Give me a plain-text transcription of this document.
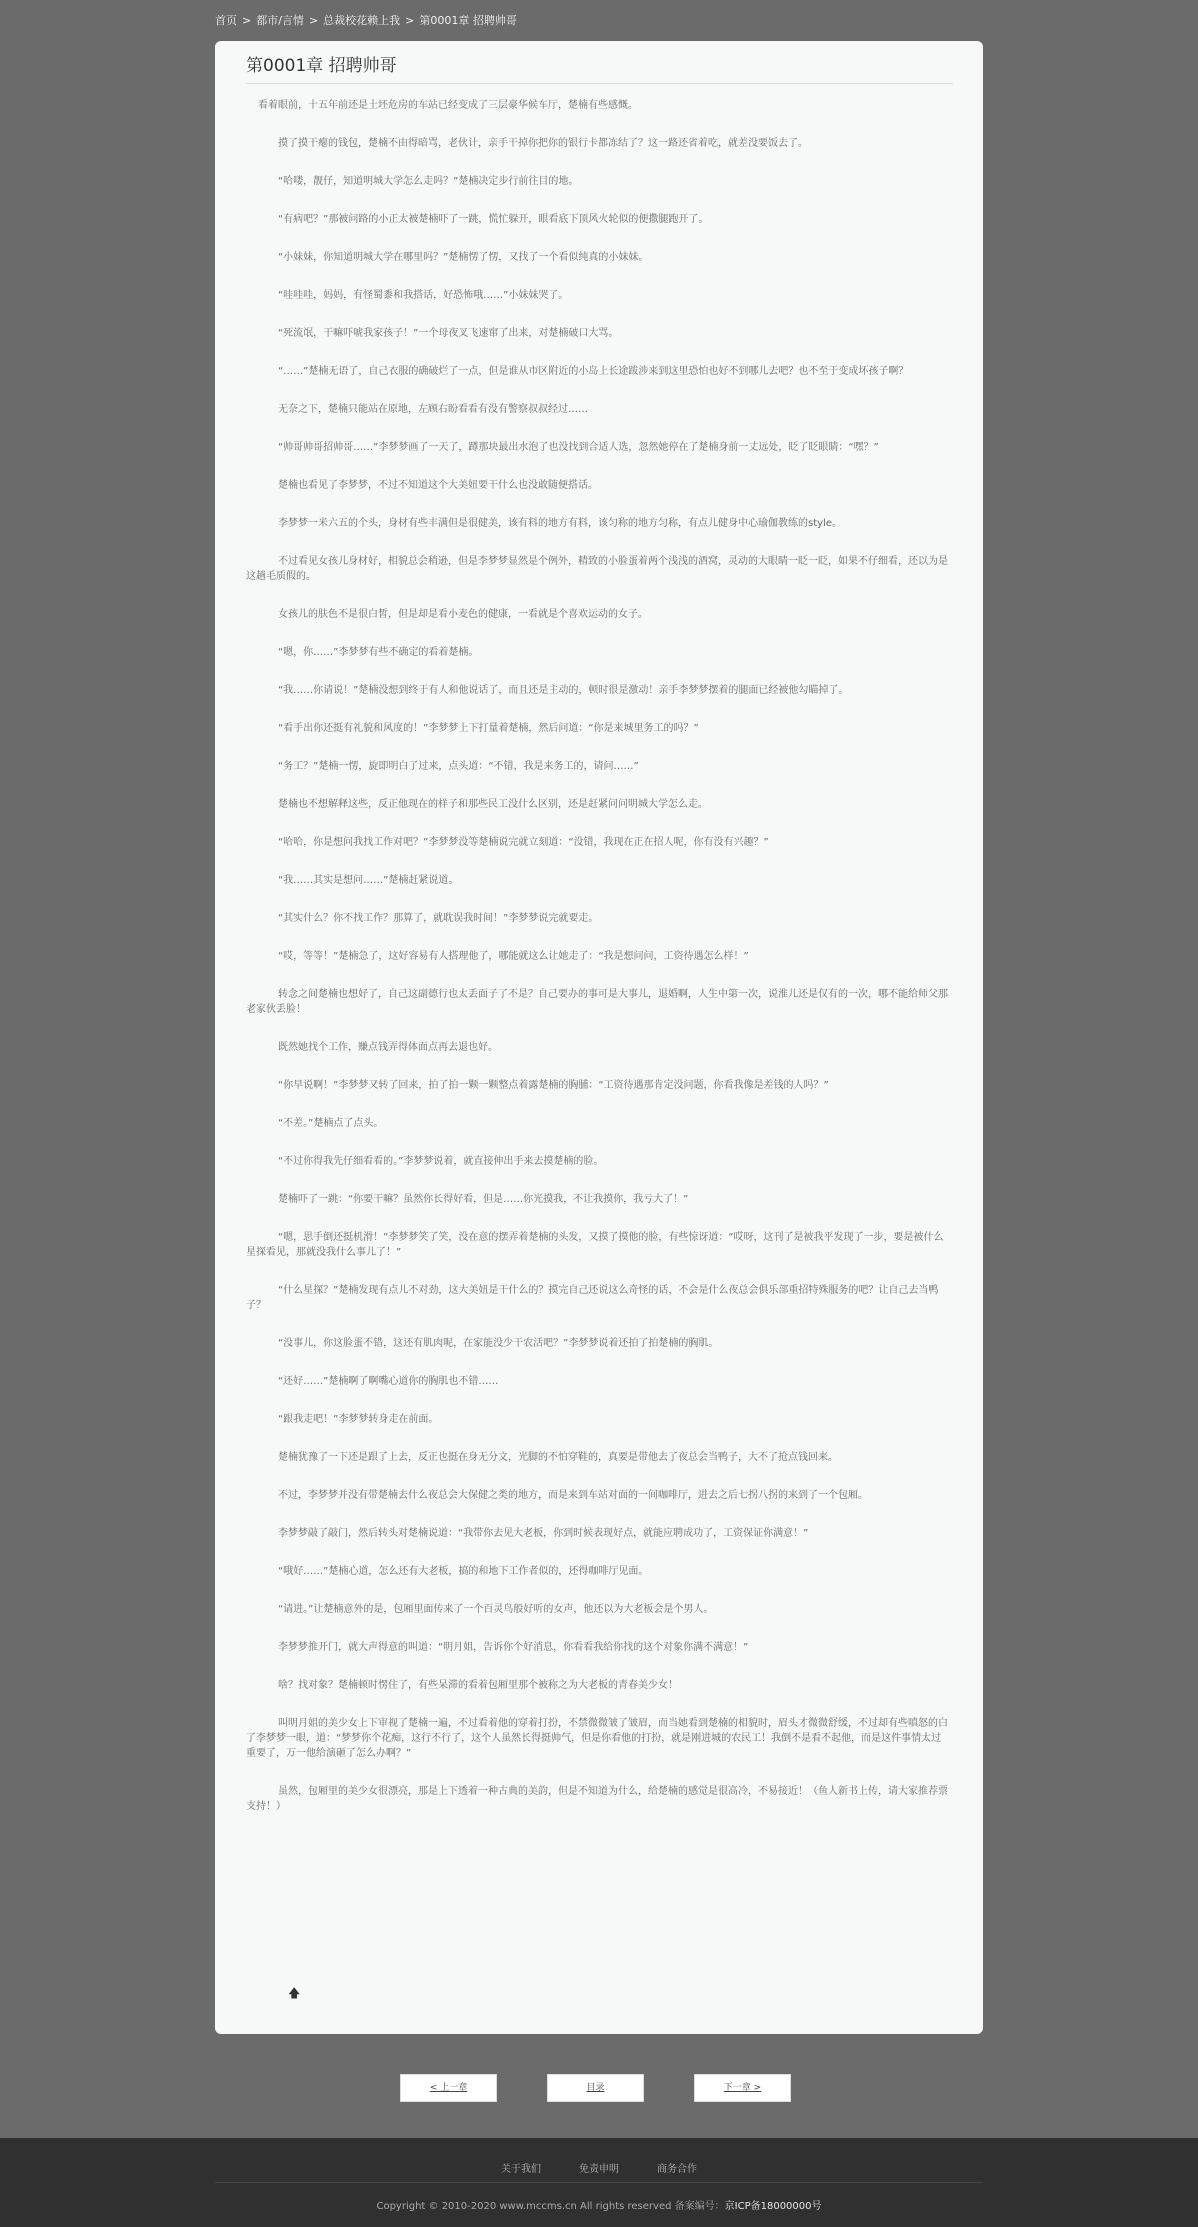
首页 > 都市/言情 > 总裁校花赖上我 > 第0001章 招聘帅哥
第0001章 招聘帅哥

看着眼前，十五年前还是土坯危房的车站已经变成了三层豪华候车厅，楚楠有些感慨。

摸了摸干瘪的钱包，楚楠不由得暗骂，老伙计，亲手干掉你把你的银行卡都冻结了？这一路还省着吃，就差没要饭去了。

“哈喽，靓仔，知道明城大学怎么走吗？”楚楠决定步行前往目的地。

“有病吧？”那被问路的小正太被楚楠吓了一跳，慌忙躲开，眼看底下顶风火轮似的便撒腿跑开了。

“小妹妹，你知道明城大学在哪里吗？”楚楠愣了愣，又找了一个看似纯真的小妹妹。

“哇哇哇，妈妈，有怪蜀黍和我搭话，好恐怖哦……”小妹妹哭了。

“死流氓，干嘛吓唬我家孩子！”一个母夜叉飞速窜了出来，对楚楠破口大骂。

“……”楚楠无语了，自己衣服的确破烂了一点，但是谁从市区附近的小岛上长途跋涉来到这里恐怕也好不到哪儿去吧？也不至于变成坏孩子啊？

无奈之下，楚楠只能站在原地，左顾右盼看看有没有警察叔叔经过……

“帅哥帅哥招帅哥……”李梦梦画了一天了，蹲那块最出水泡了也没找到合适人选，忽然她停在了楚楠身前一丈远处，眨了眨眼睛：“嘿？”

楚楠也看见了李梦梦，不过不知道这个大美妞要干什么也没敢随便搭话。

李梦梦一米六五的个头，身材有些丰满但是很健美，该有料的地方有料，该匀称的地方匀称，有点儿健身中心瑜伽教练的style。

不过看见女孩儿身材好，相貌总会稍逊，但是李梦梦显然是个例外，精致的小脸蛋着两个浅浅的酒窝，灵动的大眼睛一眨一眨，如果不仔细看，还以为是这趟毛质假的。

女孩儿的肤色不是很白皙，但是却是看小麦色的健康，一看就是个喜欢运动的女子。

“嗯，你……”李梦梦有些不确定的看着楚楠。

“我……你请说！”楚楠没想到终于有人和他说话了，而且还是主动的，顿时很是激动！亲手李梦梦摆着的腿面已经被他勾瞄掉了。

“看手出你还挺有礼貌和风度的！”李梦梦上下打量着楚楠，然后问道：“你是来城里务工的吗？”

“务工？”楚楠一愣，旋即明白了过来，点头道：“不错，我是来务工的，请问……”

楚楠也不想解释这些，反正他现在的样子和那些民工没什么区别，还是赶紧问问明城大学怎么走。

“哈哈，你是想问我找工作对吧？”李梦梦没等楚楠说完就立刻道：“没错，我现在正在招人呢，你有没有兴趣？”

“我……其实是想问……”楚楠赶紧说道。

“其实什么？你不找工作？那算了，就耽误我时间！”李梦梦说完就要走。

“哎，等等！”楚楠急了，这好容易有人搭理他了，哪能就这么让她走了：“我是想问问，工资待遇怎么样！”

转念之间楚楠也想好了，自己这副德行也太丢面子了不是？自己要办的事可是大事儿，退婚啊，人生中第一次，说淮儿还是仅有的一次，哪不能给师父那老家伙丢脸！

既然她找个工作，赚点钱弄得体面点再去退也好。

“你早说啊！”李梦梦又转了回来，拍了拍一颗一颗整点着露楚楠的胸脯：“工资待遇那肯定没问题，你看我像是差钱的人吗？”

“不差。”楚楠点了点头。

“不过你得我先仔细看看的。”李梦梦说着，就直接伸出手来去摸楚楠的脸。

楚楠吓了一跳：“你要干嘛？虽然你长得好看，但是……你光摸我，不让我摸你，我亏大了！”

“嗯，思手倒还挺机滑！”李梦梦笑了笑，没在意的摆弄着楚楠的头发，又摸了摸他的脸，有些惊讶道：“哎呀，这刊了是被我平发现了一步，要是被什么星探看见，那就没我什么事儿了！”

“什么星探？”楚楠发现有点儿不对劲，这大美妞是干什么的？摸完自己还说这么奇怪的话，不会是什么夜总会俱乐部重招特殊服务的吧？让自己去当鸭子？

“没事儿，你这脸蛋不错，这还有肌肉呢，在家能没少干农活吧？”李梦梦说着还拍了拍楚楠的胸肌。

“还好……”楚楠啊了啊嘴心道你的胸肌也不错……

“跟我走吧！”李梦梦转身走在前面。

楚楠犹豫了一下还是跟了上去，反正也挺在身无分文，光脚的不怕穿鞋的，真要是带他去了夜总会当鸭子，大不了抢点钱回来。

不过，李梦梦并没有带楚楠去什么夜总会大保健之类的地方，而是来到车站对面的一间咖啡厅，进去之后七拐八拐的来到了一个包厢。

李梦梦敲了敲门，然后转头对楚楠说道：“我带你去见大老板，你到时候表现好点，就能应聘成功了，工资保证你满意！”

“哦好……”楚楠心道，怎么还有大老板，搞的和地下工作者似的，还得咖啡厅见面。

“请进。”让楚楠意外的是，包厢里面传来了一个百灵鸟般好听的女声，他还以为大老板会是个男人。

李梦梦推开门，就大声得意的叫道：“明月姐，告诉你个好消息，你看看我给你找的这个对象你满不满意！”

啥？找对象？楚楠顿时愣住了，有些呆滞的看着包厢里那个被称之为大老板的青春美少女！

叫明月姐的美少女上下审视了楚楠一遍，不过看着他的穿着打扮，不禁微微皱了皱眉，而当她看到楚楠的相貌时，眉头才微微舒缓，不过却有些嗔怒的白了李梦梦一眼，道：“梦梦你个花痴，这行不行了，这个人虽然长得挺帅气，但是你看他的打扮，就是刚进城的农民工！我倒不是看不起他，而是这件事情太过重要了，万一他给演砸了怎么办啊？”

虽然，包厢里的美少女很漂亮，那是上下透着一种古典的美韵，但是不知道为什么，给楚楠的感觉是很高冷，不易接近！（鱼人新书上传，请大家推荐票支持！）

🡅
< 上一章	目录	下一章 >
关于我们	免责申明	商务合作
Copyright © 2010-2020 www.mccms.cn All rights reserved 备案编号：京ICP备18000000号
